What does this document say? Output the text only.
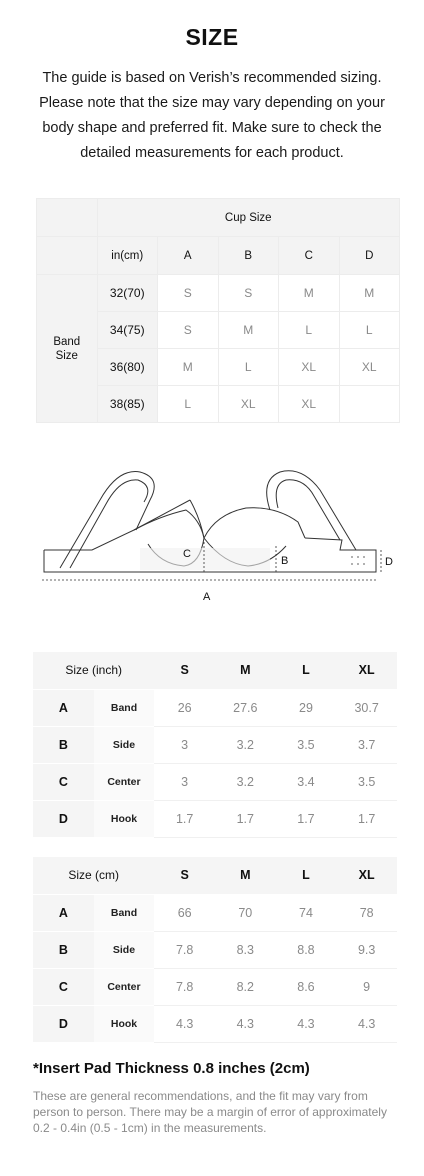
SIZE
The guide is based on Verish’s recommended sizing. Please note that the size may vary depending on your body shape and preferred fit. Make sure to check the detailed measurements for each product.
	Cup Size				
	in(cm)	A	B	C	D
Band Size	32(70)	S	S	M	M
	34(75)	S	M	L	L
	36(80)	M	L	XL	XL
	38(85)	L	XL	XL	
C
B	D
A
Size (inch)		S	M	L	XL
A	Band	26	27.6	29	30.7
B	Side	3	3.2	3.5	3.7
C	Center	3	3.2	3.4	3.5
D	Hook	1.7	1.7	1.7	1.7
Size (cm)		S	M	L	XL
A	Band	66	70	74	78
B	Side	7.8	8.3	8.8	9.3
C	Center	7.8	8.2	8.6	9
D	Hook	4.3	4.3	4.3	4.3
*Insert Pad Thickness 0.8 inches (2cm)
These are general recommendations, and the fit may vary from person to person. There may be a margin of error of approximately 0.2 - 0.4in (0.5 - 1cm) in the measurements.
